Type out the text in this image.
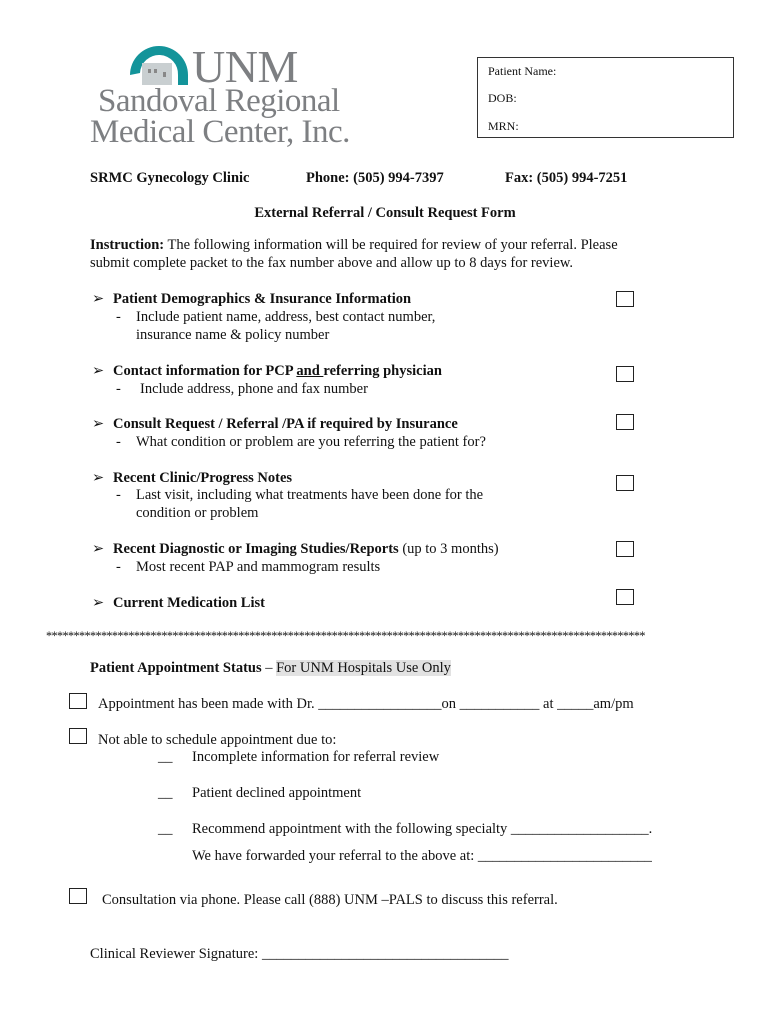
UNM
Sandoval Regional
Medical Center, Inc.
Patient Name:
DOB:
MRN:
SRMC Gynecology Clinic	Phone: (505) 994-7397	Fax: (505) 994-7251
External Referral / Consult Request Form
Instruction: The following information will be required for review of your referral. Please
submit complete packet to the fax number above and allow up to 8 days for review.
➢ Patient Demographics & Insurance Information
- Include patient name, address, best contact number,
insurance name & policy number
➢ Contact information for PCP and referring physician
- Include address, phone and fax number
➢ Consult Request / Referral /PA if required by Insurance
- What condition or problem are you referring the patient for?
➢ Recent Clinic/Progress Notes
- Last visit, including what treatments have been done for the
condition or problem
➢ Recent Diagnostic or Imaging Studies/Reports (up to 3 months)
- Most recent PAP and mammogram results
➢ Current Medication List
*************************************************************************************************************
Patient Appointment Status – For UNM Hospitals Use Only
Appointment has been made with Dr. _________________on ___________ at _____am/pm
Not able to schedule appointment due to:
__ Incomplete information for referral review
__ Patient declined appointment
__ Recommend appointment with the following specialty ___________________.
We have forwarded your referral to the above at: ________________________
Consultation via phone. Please call (888) UNM –PALS to discuss this referral.
Clinical Reviewer Signature: __________________________________
